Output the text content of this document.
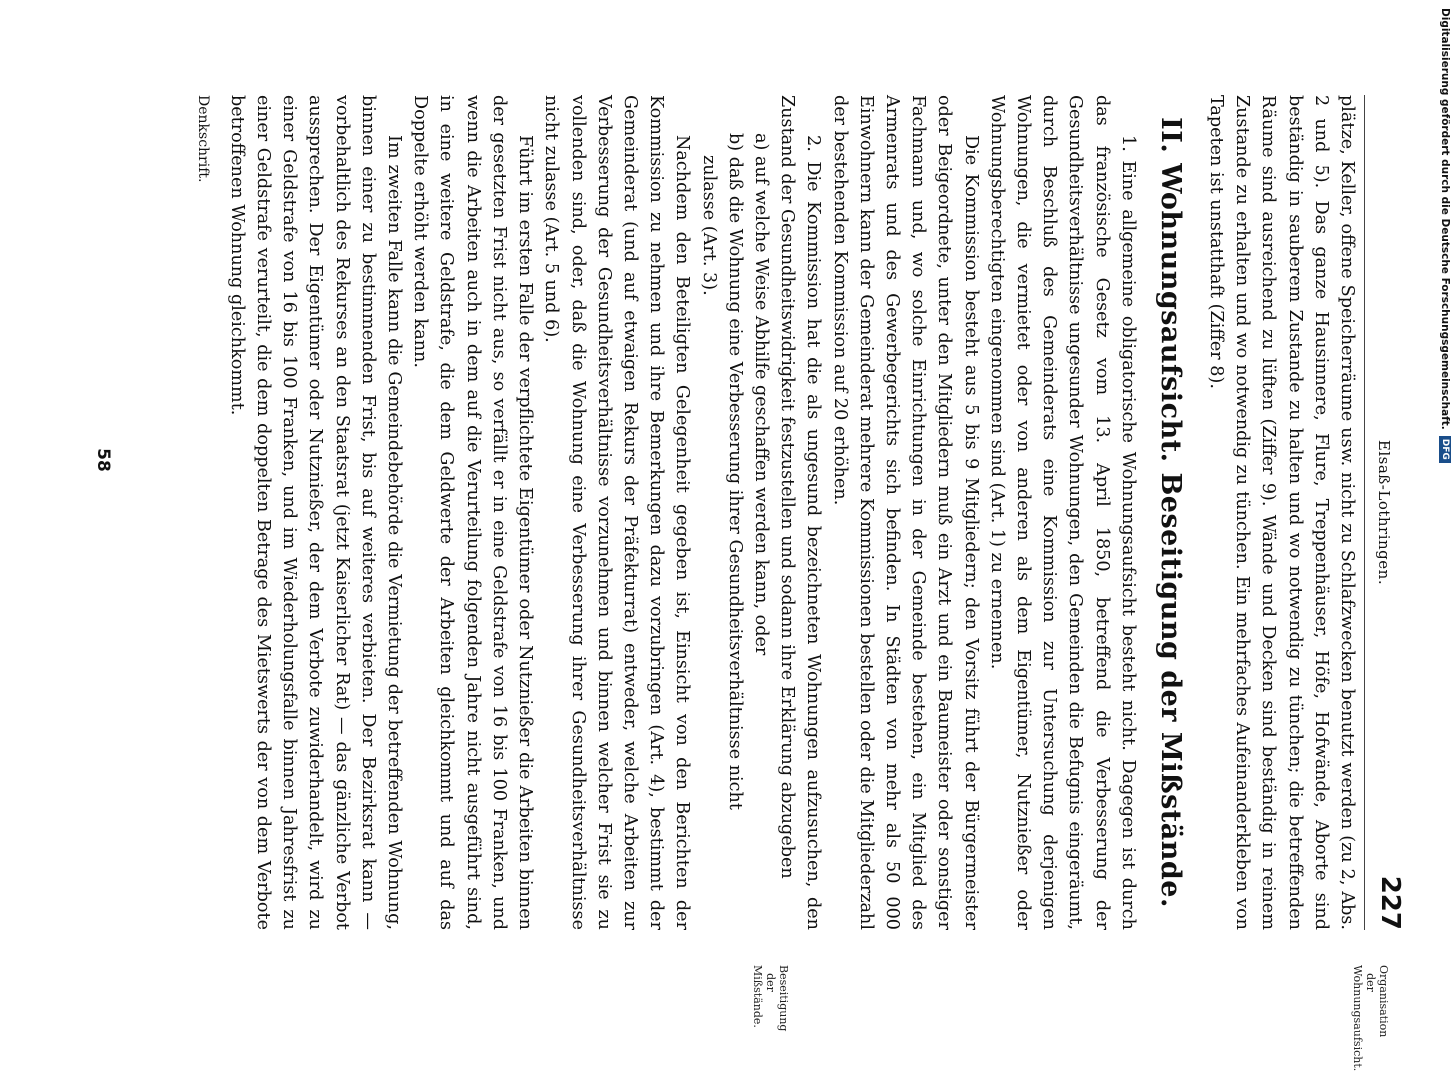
Elsaß-Lothringen.
227

plätze, Keller, offene Speicherräume usw. nicht zu Schlafzwecken benutzt werden (zu 2, Abs. 2 und 5). Das ganze Hausinnere, Flure, Treppenhäuser, Höfe, Hofwände, Aborte sind beständig in sauberem Zustande zu halten und wo notwendig zu tünchen; die betreffenden Räume sind ausreichend zu lüften (Ziffer 9). Wände und Decken sind beständig in reinem Zustande zu erhalten und wo notwendig zu tünchen. Ein mehrfaches Aufeinanderkleben von Tapeten ist unstatthaft (Ziffer 8).

II. Wohnungsaufsicht. Beseitigung der Mißstände.

1. Eine allgemeine obligatorische Wohnungsaufsicht besteht nicht. Dagegen ist durch das französische Gesetz vom 13. April 1850, betreffend die Verbesserung der Gesundheitsverhältnisse ungesunder Wohnungen, den Gemeinden die Befugnis eingeräumt, durch Beschluß des Gemeinderats eine Kommission zur Untersuchung derjenigen Wohnungen, die vermietet oder von anderen als dem Eigentümer, Nutznießer oder Wohnungsberechtigten eingenommen sind (Art. 1) zu ernennen.

Die Kommission besteht aus 5 bis 9 Mitgliedern; den Vorsitz führt der Bürgermeister oder Beigeordnete, unter den Mitgliedern muß ein Arzt und ein Baumeister oder sonstiger Fachmann und, wo solche Einrichtungen in der Gemeinde bestehen, ein Mitglied des Armenrats und des Gewerbegerichts sich befinden. In Städten von mehr als 50 000 Einwohnern kann der Gemeinderat mehrere Kommissionen bestellen oder die Mitgliederzahl der bestehenden Kommission auf 20 erhöhen.

2. Die Kommission hat die als ungesund bezeichneten Wohnungen aufzusuchen, den Zustand der Gesundheitswidrigkeit festzustellen und sodann ihre Erklärung abzugeben

a) auf welche Weise Abhilfe geschaffen werden kann, oder

b) daß die Wohnung eine Verbesserung ihrer Gesundheitsverhältnisse nicht
zulasse (Art. 3).

Nachdem den Beteiligten Gelegenheit gegeben ist, Einsicht von den Berichten der Kommission zu nehmen und ihre Bemerkungen dazu vorzubringen (Art. 4), bestimmt der Gemeinderat (und auf etwaigen Rekurs der Präfekturrat) entweder, welche Arbeiten zur Verbesserung der Gesundheitsverhältnisse vorzunehmen und binnen welcher Frist sie zu vollenden sind, oder, daß die Wohnung eine Verbesserung ihrer Gesundheitsverhältnisse nicht zulasse (Art. 5 und 6).

Führt im ersten Falle der verpflichtete Eigentümer oder Nutznießer die Arbeiten binnen der gesetzten Frist nicht aus, so verfällt er in eine Geldstrafe von 16 bis 100 Franken, und wenn die Arbeiten auch in dem auf die Verurteilung folgenden Jahre nicht ausgeführt sind, in eine weitere Geldstrafe, die dem Geldwerte der Arbeiten gleichkommt und auf das Doppelte erhöht werden kann.

Im zweiten Falle kann die Gemeindebehörde die Vermietung der betreffenden Wohnung, binnen einer zu bestimmenden Frist, bis auf weiteres verbieten. Der Bezirksrat kann — vorbehaltlich des Rekurses an den Staatsrat (jetzt Kaiserlicher Rat) — das gänzliche Verbot aussprechen. Der Eigentümer oder Nutznießer, der dem Verbote zuwiderhandelt, wird zu einer Geldstrafe von 16 bis 100 Franken, und im Wiederholungsfalle binnen Jahresfrist zu einer Geldstrafe verurteilt, die dem doppelten Betrage des Mietswerts der von dem Verbote betroffenen Wohnung gleichkommt.

Denkschrift.

58
Organisation der Wohnungsaufsicht.
Beseitigung der Mißstände.
Digitalisierung gefördert durch die Deutsche Forschungsgemeinschaft.
DFG
